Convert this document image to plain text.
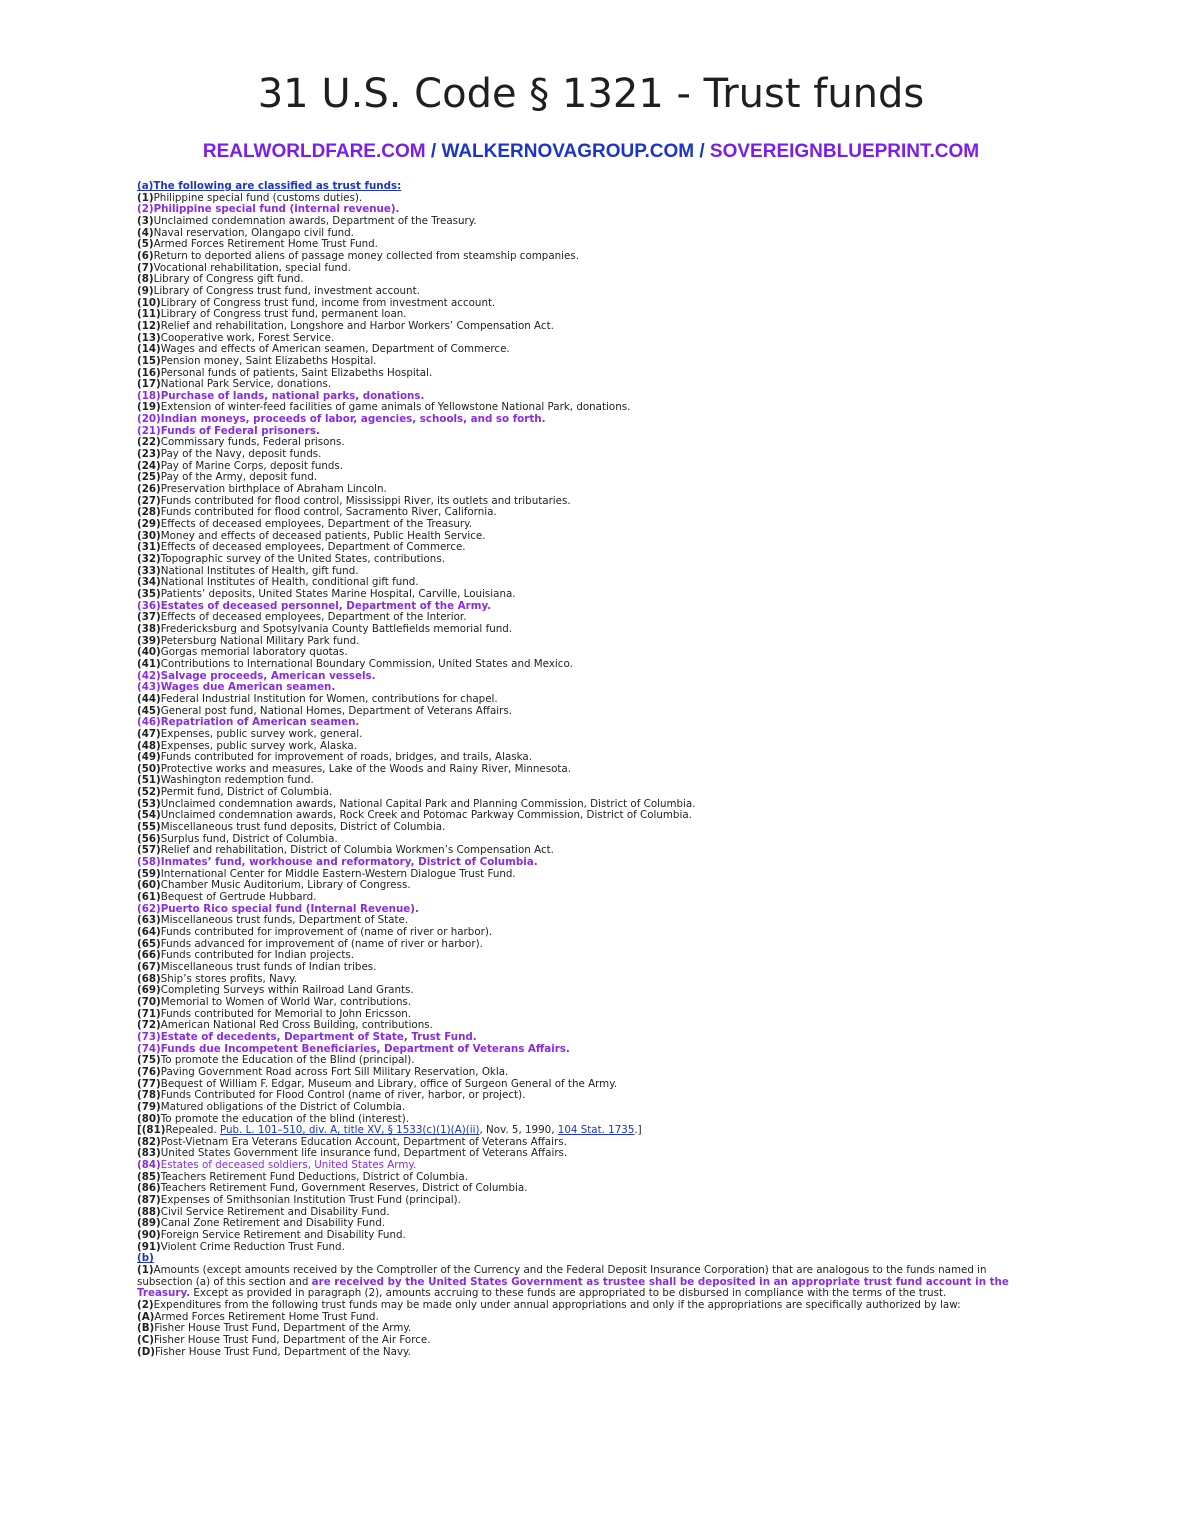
31 U.S. Code § 1321 - Trust funds
REALWORLDFARE.COM / WALKERNOVAGROUP.COM / SOVEREIGNBLUEPRINT.COM
(a)The following are classified as trust funds:
(1)Philippine special fund (customs duties).
(2)Philippine special fund (internal revenue).
(3)Unclaimed condemnation awards, Department of the Treasury.
(4)Naval reservation, Olangapo civil fund.
(5)Armed Forces Retirement Home Trust Fund.
(6)Return to deported aliens of passage money collected from steamship companies.
(7)Vocational rehabilitation, special fund.
(8)Library of Congress gift fund.
(9)Library of Congress trust fund, investment account.
(10)Library of Congress trust fund, income from investment account.
(11)Library of Congress trust fund, permanent loan.
(12)Relief and rehabilitation, Longshore and Harbor Workers’ Compensation Act.
(13)Cooperative work, Forest Service.
(14)Wages and effects of American seamen, Department of Commerce.
(15)Pension money, Saint Elizabeths Hospital.
(16)Personal funds of patients, Saint Elizabeths Hospital.
(17)National Park Service, donations.
(18)Purchase of lands, national parks, donations.
(19)Extension of winter-feed facilities of game animals of Yellowstone National Park, donations.
(20)Indian moneys, proceeds of labor, agencies, schools, and so forth.
(21)Funds of Federal prisoners.
(22)Commissary funds, Federal prisons.
(23)Pay of the Navy, deposit funds.
(24)Pay of Marine Corps, deposit funds.
(25)Pay of the Army, deposit fund.
(26)Preservation birthplace of Abraham Lincoln.
(27)Funds contributed for flood control, Mississippi River, its outlets and tributaries.
(28)Funds contributed for flood control, Sacramento River, California.
(29)Effects of deceased employees, Department of the Treasury.
(30)Money and effects of deceased patients, Public Health Service.
(31)Effects of deceased employees, Department of Commerce.
(32)Topographic survey of the United States, contributions.
(33)National Institutes of Health, gift fund.
(34)National Institutes of Health, conditional gift fund.
(35)Patients’ deposits, United States Marine Hospital, Carville, Louisiana.
(36)Estates of deceased personnel, Department of the Army.
(37)Effects of deceased employees, Department of the Interior.
(38)Fredericksburg and Spotsylvania County Battlefields memorial fund.
(39)Petersburg National Military Park fund.
(40)Gorgas memorial laboratory quotas.
(41)Contributions to International Boundary Commission, United States and Mexico.
(42)Salvage proceeds, American vessels.
(43)Wages due American seamen.
(44)Federal Industrial Institution for Women, contributions for chapel.
(45)General post fund, National Homes, Department of Veterans Affairs.
(46)Repatriation of American seamen.
(47)Expenses, public survey work, general.
(48)Expenses, public survey work, Alaska.
(49)Funds contributed for improvement of roads, bridges, and trails, Alaska.
(50)Protective works and measures, Lake of the Woods and Rainy River, Minnesota.
(51)Washington redemption fund.
(52)Permit fund, District of Columbia.
(53)Unclaimed condemnation awards, National Capital Park and Planning Commission, District of Columbia.
(54)Unclaimed condemnation awards, Rock Creek and Potomac Parkway Commission, District of Columbia.
(55)Miscellaneous trust fund deposits, District of Columbia.
(56)Surplus fund, District of Columbia.
(57)Relief and rehabilitation, District of Columbia Workmen’s Compensation Act.
(58)Inmates’ fund, workhouse and reformatory, District of Columbia.
(59)International Center for Middle Eastern-Western Dialogue Trust Fund.
(60)Chamber Music Auditorium, Library of Congress.
(61)Bequest of Gertrude Hubbard.
(62)Puerto Rico special fund (Internal Revenue).
(63)Miscellaneous trust funds, Department of State.
(64)Funds contributed for improvement of (name of river or harbor).
(65)Funds advanced for improvement of (name of river or harbor).
(66)Funds contributed for Indian projects.
(67)Miscellaneous trust funds of Indian tribes.
(68)Ship’s stores profits, Navy.
(69)Completing Surveys within Railroad Land Grants.
(70)Memorial to Women of World War, contributions.
(71)Funds contributed for Memorial to John Ericsson.
(72)American National Red Cross Building, contributions.
(73)Estate of decedents, Department of State, Trust Fund.
(74)Funds due Incompetent Beneficiaries, Department of Veterans Affairs.
(75)To promote the Education of the Blind (principal).
(76)Paving Government Road across Fort Sill Military Reservation, Okla.
(77)Bequest of William F. Edgar, Museum and Library, office of Surgeon General of the Army.
(78)Funds Contributed for Flood Control (name of river, harbor, or project).
(79)Matured obligations of the District of Columbia.
(80)To promote the education of the blind (interest).
[(81)Repealed. Pub. L. 101–510, div. A, title XV, § 1533(c)(1)(A)(ii), Nov. 5, 1990, 104 Stat. 1735.]
(82)Post-Vietnam Era Veterans Education Account, Department of Veterans Affairs.
(83)United States Government life insurance fund, Department of Veterans Affairs.
(84)Estates of deceased soldiers, United States Army.
(85)Teachers Retirement Fund Deductions, District of Columbia.
(86)Teachers Retirement Fund, Government Reserves, District of Columbia.
(87)Expenses of Smithsonian Institution Trust Fund (principal).
(88)Civil Service Retirement and Disability Fund.
(89)Canal Zone Retirement and Disability Fund.
(90)Foreign Service Retirement and Disability Fund.
(91)Violent Crime Reduction Trust Fund.
(b)
(1)Amounts (except amounts received by the Comptroller of the Currency and the Federal Deposit Insurance Corporation) that are analogous to the funds named in subsection (a) of this section and are received by the United States Government as trustee shall be deposited in an appropriate trust fund account in the Treasury. Except as provided in paragraph (2), amounts accruing to these funds are appropriated to be disbursed in compliance with the terms of the trust.
(2)Expenditures from the following trust funds may be made only under annual appropriations and only if the appropriations are specifically authorized by law:
(A)Armed Forces Retirement Home Trust Fund.
(B)Fisher House Trust Fund, Department of the Army.
(C)Fisher House Trust Fund, Department of the Air Force.
(D)Fisher House Trust Fund, Department of the Navy.
